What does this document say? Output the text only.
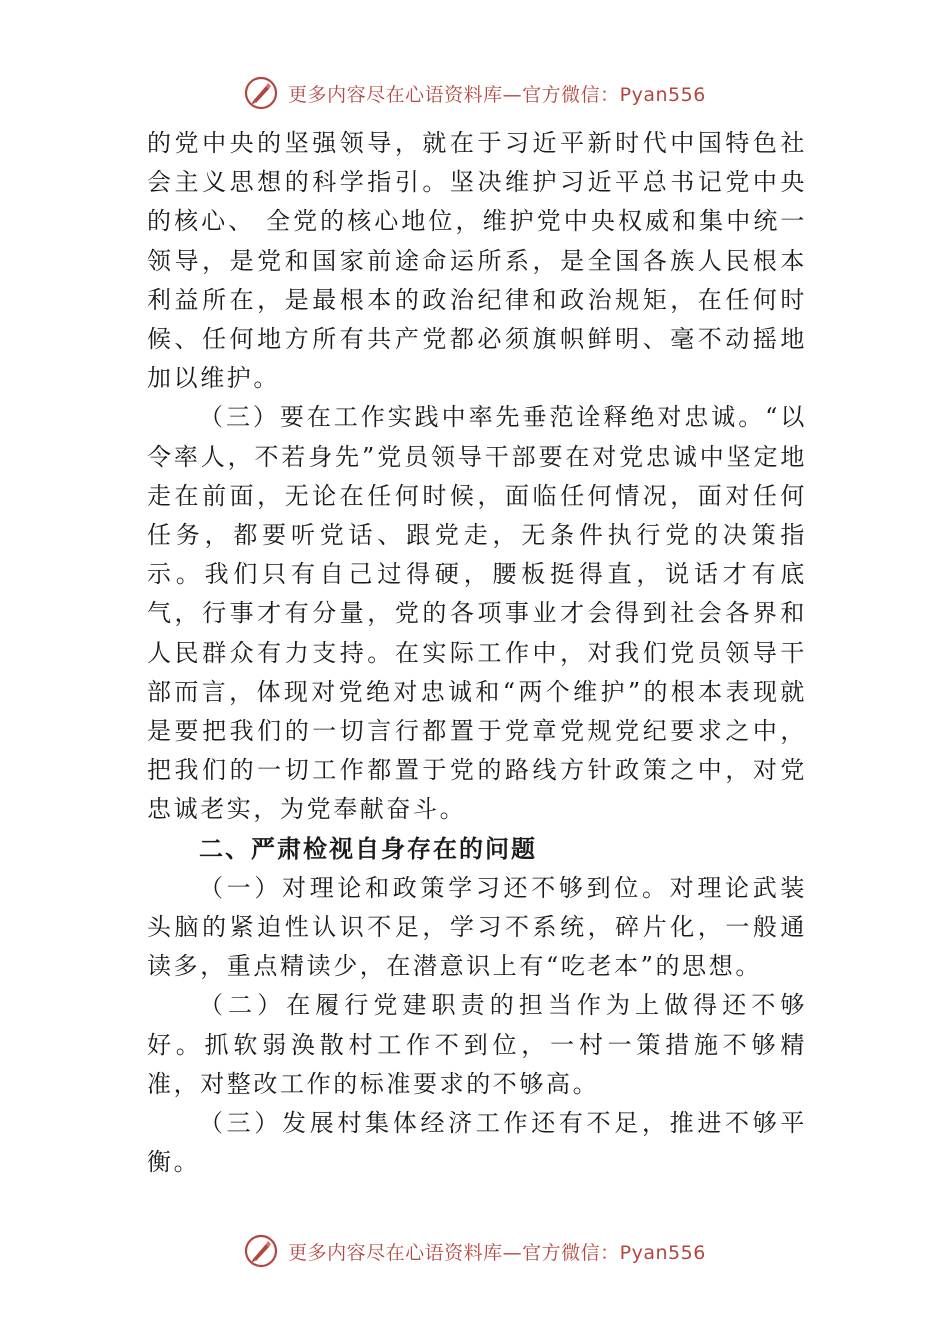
更多内容尽在心语资料库—官方微信：Pyan556

的党中央的坚强领导，就在于习近平新时代中国特色社会主义思想的科学指引。坚决维护习近平总书记党中央的核心、 全党的核心地位，维护党中央权威和集中统一领导，是党和国家前途命运所系，是全国各族人民根本利益所在，是最根本的政治纪律和政治规矩，在任何时候、任何地方所有共产党都必须旗帜鲜明、毫不动摇地加以维护。

（三）要在工作实践中率先垂范诠释绝对忠诚。“以令率人，不若身先”党员领导干部要在对党忠诚中坚定地走在前面，无论在任何时候，面临任何情况，面对任何任务，都要听党话、跟党走，无条件执行党的决策指示。我们只有自己过得硬，腰板挺得直，说话才有底气，行事才有分量，党的各项事业才会得到社会各界和人民群众有力支持。在实际工作中，对我们党员领导干部而言，体现对党绝对忠诚和“两个维护”的根本表现就是要把我们的一切言行都置于党章党规党纪要求之中，把我们的一切工作都置于党的路线方针政策之中，对党忠诚老实，为党奉献奋斗。

二、严肃检视自身存在的问题

（一）对理论和政策学习还不够到位。对理论武装头脑的紧迫性认识不足，学习不系统，碎片化，一般通读多，重点精读少，在潜意识上有“吃老本”的思想。

（二）在履行党建职责的担当作为上做得还不够好。抓软弱涣散村工作不到位，一村一策措施不够精准，对整改工作的标准要求的不够高。

（三）发展村集体经济工作还有不足，推进不够平衡。

更多内容尽在心语资料库—官方微信：Pyan556
